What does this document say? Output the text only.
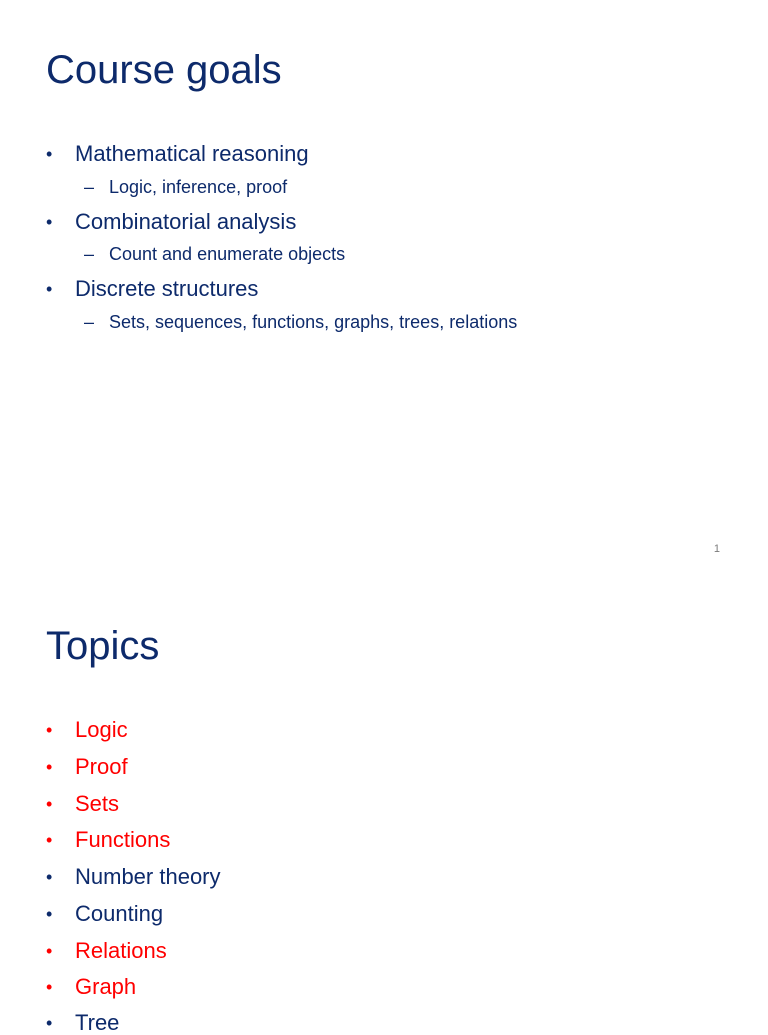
Course goals
•	Mathematical reasoning
– Logic, inference, proof
•	Combinatorial analysis
– Count and enumerate objects
•	Discrete structures
– Sets, sequences, functions, graphs, trees, relations
1
Topics
•	Logic
•	Proof
•	Sets
•	Functions
•	Number theory
•	Counting
•	Relations
•	Graph
•	Tree
